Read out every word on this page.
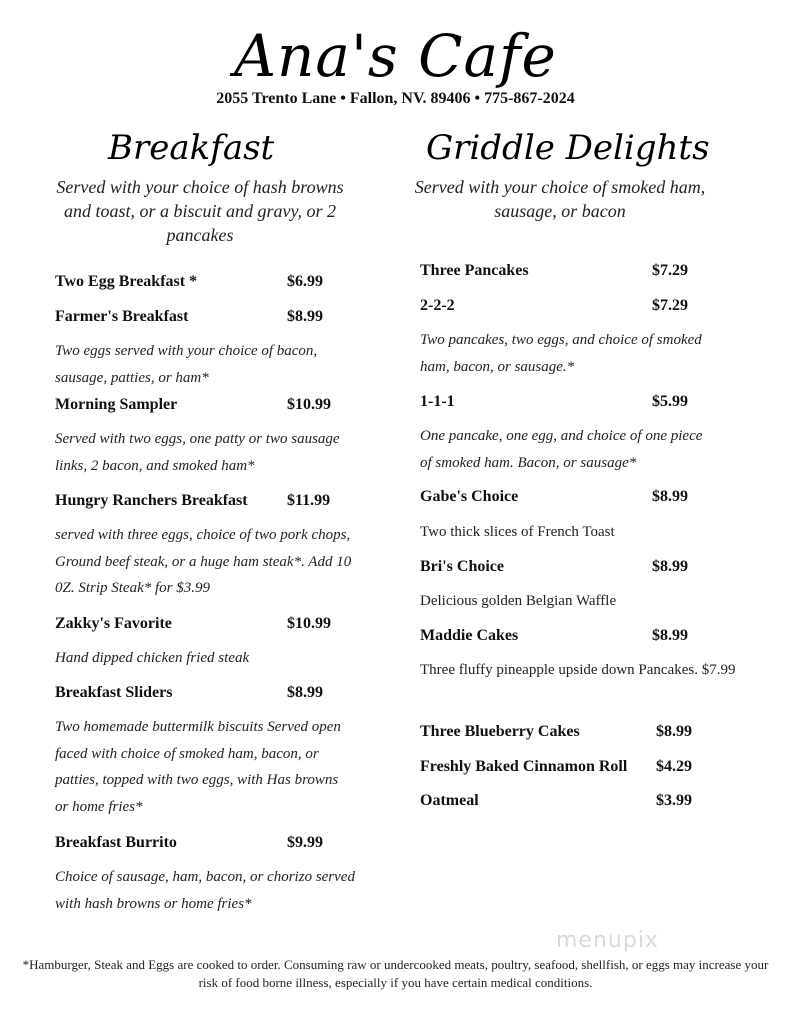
Ana's Cafe
2055 Trento Lane • Fallon, NV. 89406 • 775-867-2024
Breakfast
Served with your choice of hash browns and toast, or a biscuit and gravy, or 2 pancakes
Two Egg Breakfast *	$6.99
Farmer's Breakfast	$8.99
Two eggs served with your choice of bacon, sausage, patties, or ham*
Morning Sampler	$10.99
Served with two eggs, one patty or two sausage links, 2 bacon, and smoked ham*
Hungry Ranchers Breakfast $11.99
served with three eggs, choice of two pork chops, Ground beef steak, or a huge ham steak*. Add 10 0Z. Strip Steak* for $3.99
Zakky's Favorite	$10.99
Hand dipped chicken fried steak
Breakfast Sliders	$8.99
Two homemade buttermilk biscuits Served open faced with choice of smoked ham, bacon, or patties, topped with two eggs, with Has browns or home fries*
Breakfast Burrito	$9.99
Choice of sausage, ham, bacon, or chorizo served with hash browns or home fries*
Griddle Delights
Served with your choice of smoked ham, sausage, or bacon
Three Pancakes	$7.29
2-2-2	$7.29
Two pancakes, two eggs, and choice of smoked ham, bacon, or sausage.*
1-1-1	$5.99
One pancake, one egg, and choice of one piece of smoked ham. Bacon, or sausage*
Gabe's Choice	$8.99
Two thick slices of French Toast
Bri's Choice	$8.99
Delicious golden Belgian Waffle
Maddie Cakes	$8.99
Three fluffy pineapple upside down Pancakes. $7.99
Three Blueberry Cakes	$8.99
Freshly Baked Cinnamon Roll $4.29
Oatmeal	$3.99
menupix
*Hamburger, Steak and Eggs are cooked to order. Consuming raw or undercooked meats, poultry, seafood, shellfish, or eggs may increase your risk of food borne illness, especially if you have certain medical conditions.
